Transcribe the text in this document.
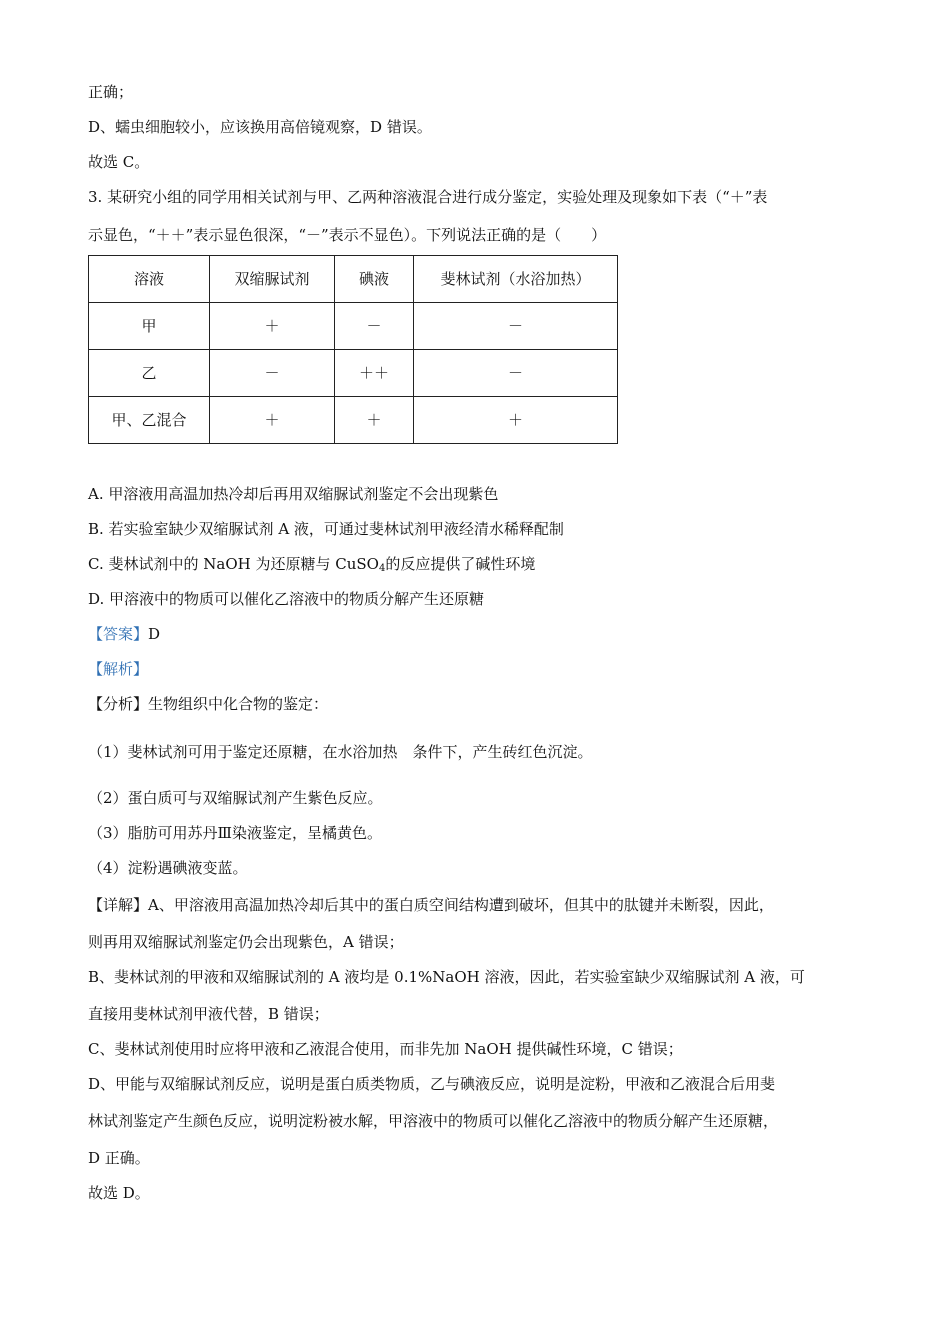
正确；
D、蠕虫细胞较小，应该换用高倍镜观察，D 错误。
故选 C。
3. 某研究小组的同学用相关试剂与甲、乙两种溶液混合进行成分鉴定，实验处理及现象如下表（“＋”表
示显色，“＋＋”表示显色很深，“－”表示不显色）。下列说法正确的是（　　）
溶液	双缩脲试剂	碘液	斐林试剂（水浴加热）
甲	＋	－	－
乙	－	＋＋	－
甲、乙混合	＋	＋	＋
A. 甲溶液用高温加热冷却后再用双缩脲试剂鉴定不会出现紫色
B. 若实验室缺少双缩脲试剂 A 液，可通过斐林试剂甲液经清水稀释配制
C. 斐林试剂中的 NaOH 为还原糖与 CuSO$_4$的反应提供了碱性环境
D. 甲溶液中的物质可以催化乙溶液中的物质分解产生还原糖
【答案】D
【解析】
【分析】生物组织中化合物的鉴定：
（1）斐林试剂可用于鉴定还原糖，在水浴加热　条件下，产生砖红色沉淀。
（2）蛋白质可与双缩脲试剂产生紫色反应。
（3）脂肪可用苏丹Ⅲ染液鉴定，呈橘黄色。
（4）淀粉遇碘液变蓝。
【详解】A、甲溶液用高温加热冷却后其中的蛋白质空间结构遭到破坏，但其中的肽键并未断裂，因此，
则再用双缩脲试剂鉴定仍会出现紫色，A 错误；
B、斐林试剂的甲液和双缩脲试剂的 A 液均是 0.1%NaOH 溶液，因此，若实验室缺少双缩脲试剂 A 液，可
直接用斐林试剂甲液代替，B 错误；
C、斐林试剂使用时应将甲液和乙液混合使用，而非先加 NaOH 提供碱性环境，C 错误；
D、甲能与双缩脲试剂反应，说明是蛋白质类物质，乙与碘液反应，说明是淀粉，甲液和乙液混合后用斐
林试剂鉴定产生颜色反应，说明淀粉被水解，甲溶液中的物质可以催化乙溶液中的物质分解产生还原糖，
D 正确。
故选 D。
